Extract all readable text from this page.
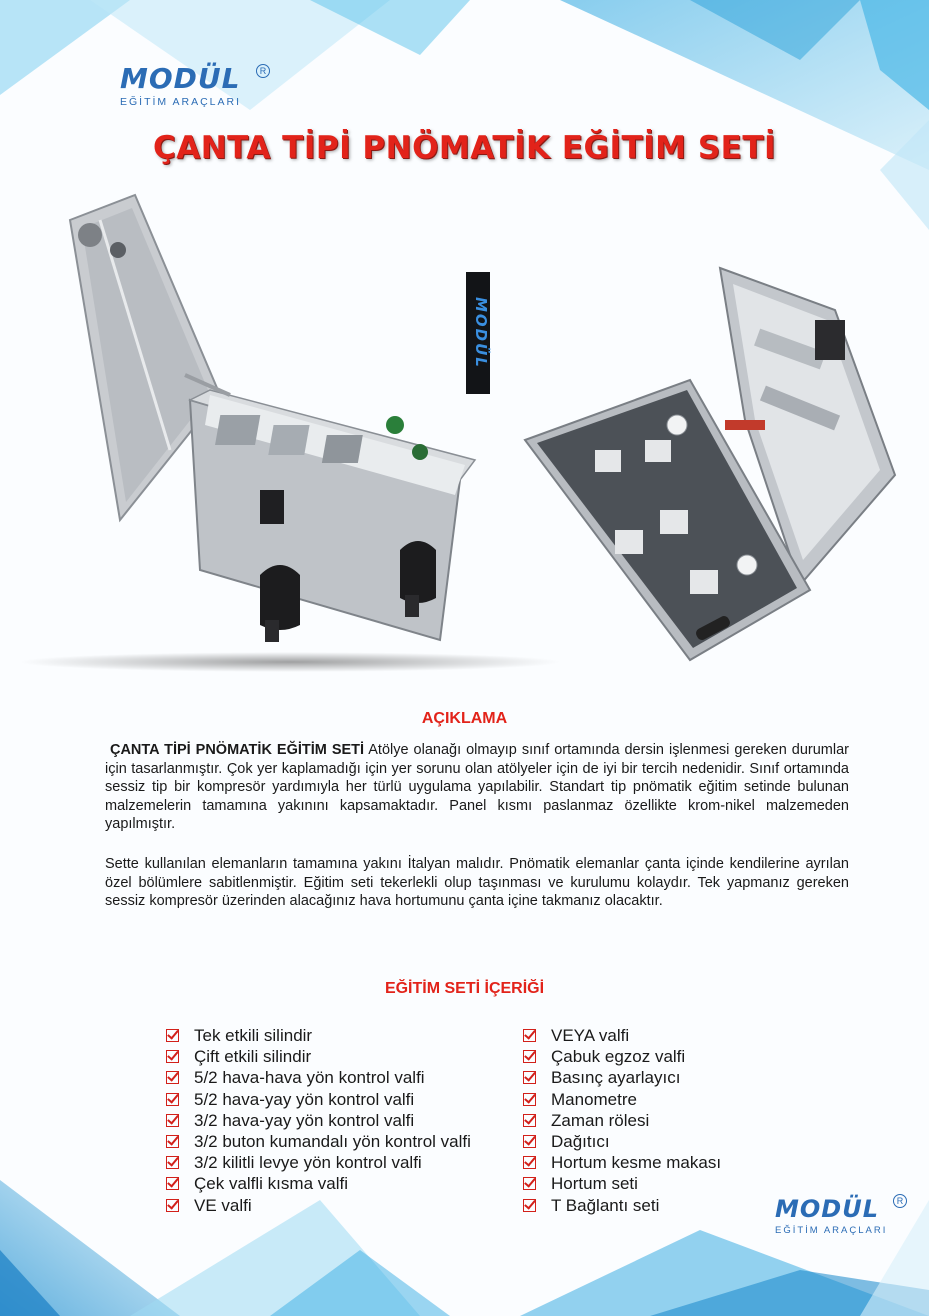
MODÜL
EĞİTİM ARAÇLARI
R
ÇANTA TİPİ PNÖMATİK EĞİTİM SETİ
MODÜL
AÇIKLAMA
ÇANTA TİPİ PNÖMATİK EĞİTİM SETİ Atölye olanağı olmayıp sınıf ortamında dersin işlenmesi gereken durumlar için tasarlanmıştır. Çok yer kaplamadığı için yer sorunu olan atölyeler için de iyi bir tercih nedenidir. Sınıf ortamında sessiz tip bir kompresör yardımıyla her türlü uygulama yapılabilir. Standart tip pnömatik eğitim setinde bulunan malzemelerin tamamına yakınını kapsamaktadır. Panel kısmı paslanmaz özellikte krom-nikel malzemeden yapılmıştır.
Sette kullanılan elemanların tamamına yakını İtalyan malıdır. Pnömatik elemanlar çanta içinde kendilerine ayrılan özel bölümlere sabitlenmiştir. Eğitim seti tekerlekli olup taşınması ve kurulumu kolaydır. Tek yapmanız gereken sessiz kompresör üzerinden alacağınız hava hortumunu çanta içine takmanız olacaktır.
EĞİTİM SETİ İÇERİĞİ
Tek etkili silindir
Çift etkili silindir
5/2 hava-hava yön kontrol valfi
5/2 hava-yay yön kontrol valfi
3/2 hava-yay yön kontrol valfi
3/2 buton kumandalı yön kontrol valfi
3/2 kilitli levye yön kontrol valfi
Çek valfli kısma valfi
VE valfi
VEYA valfi
Çabuk egzoz valfi
Basınç ayarlayıcı
Manometre
Zaman rölesi
Dağıtıcı
Hortum kesme makası
Hortum seti
T Bağlantı seti	MODÜL
EĞİTİM ARAÇLARI
R
